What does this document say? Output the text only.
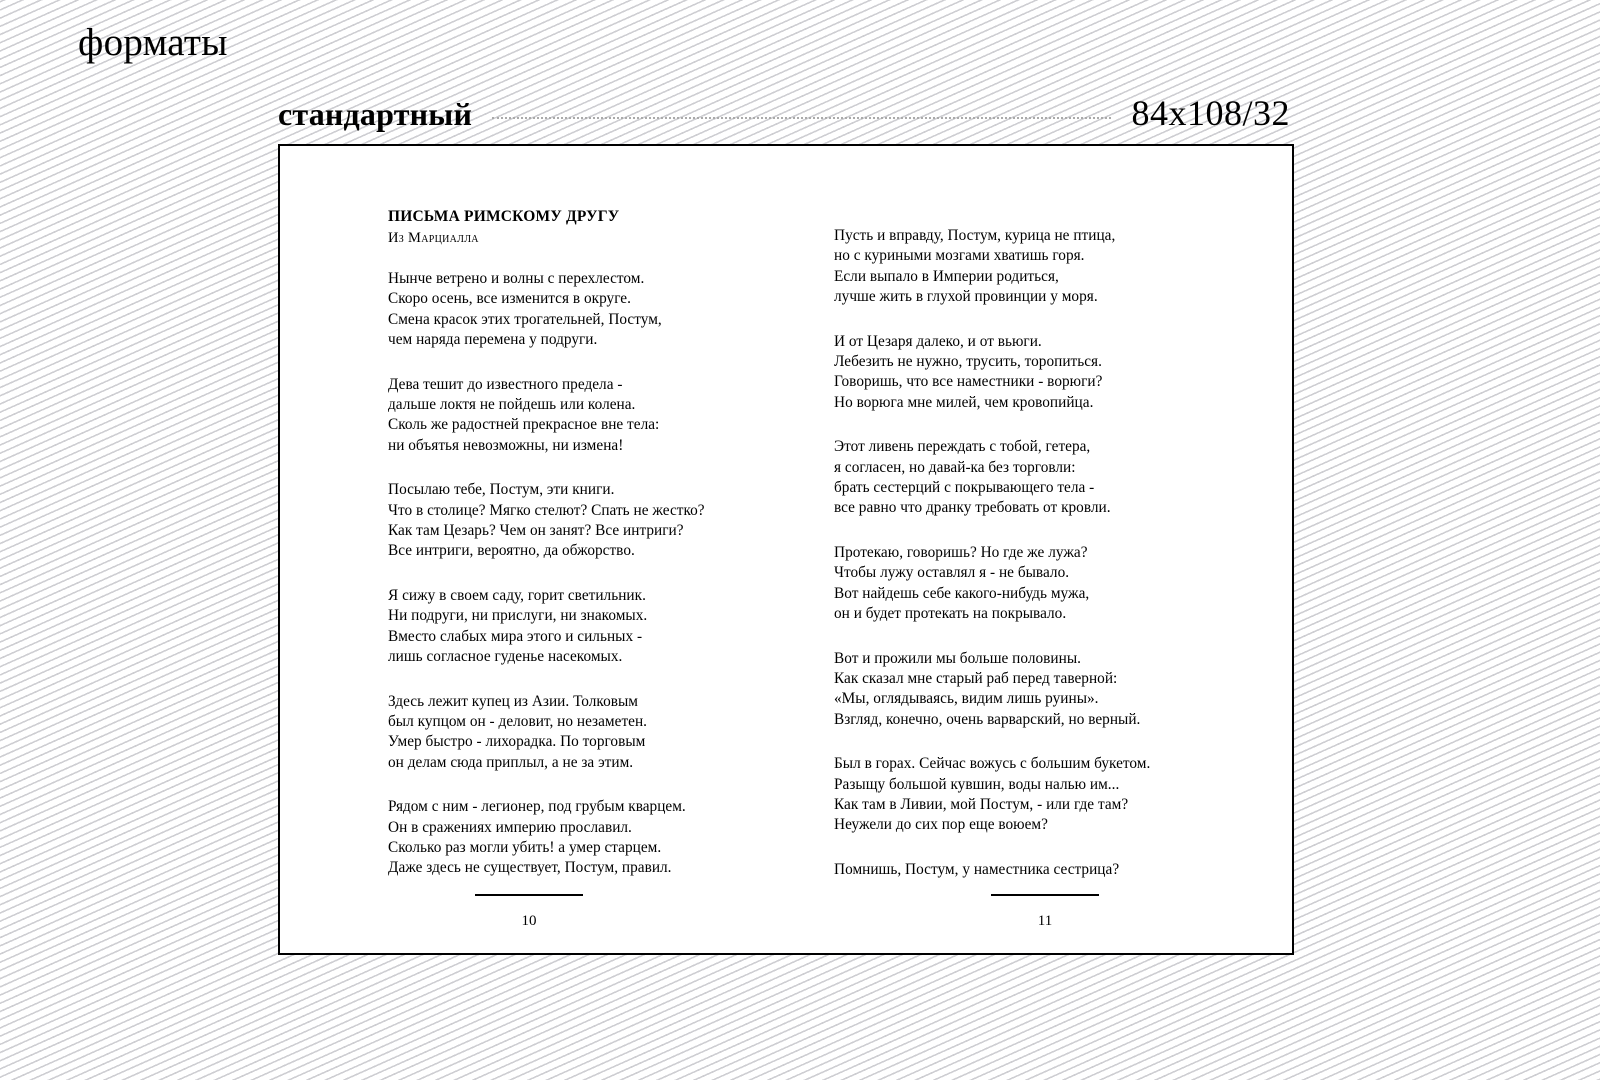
форматы
стандартный	84x108/32
ПИСЬМА РИМСКОМУ ДРУГУ
Из Марциалла
Нынче ветрено и волны с перехлестом.
Скоро осень, все изменится в округе.
Смена красок этих трогательней, Постум,
чем наряда перемена у подруги.
Дева тешит до известного предела -
дальше локтя не пойдешь или колена.
Сколь же радостней прекрасное вне тела:
ни объятья невозможны, ни измена!
Посылаю тебе, Постум, эти книги.
Что в столице? Мягко стелют? Спать не жестко?
Как там Цезарь? Чем он занят? Все интриги?
Все интриги, вероятно, да обжорство.
Я сижу в своем саду, горит светильник.
Ни подруги, ни прислуги, ни знакомых.
Вместо слабых мира этого и сильных -
лишь согласное гуденье насекомых.
Здесь лежит купец из Азии. Толковым
был купцом он - деловит, но незаметен.
Умер быстро - лихорадка. По торговым
он делам сюда приплыл, а не за этим.
Рядом с ним - легионер, под грубым кварцем.
Он в сражениях империю прославил.
Сколько раз могли убить! а умер старцем.
Даже здесь не существует, Постум, правил.
10
Пусть и вправду, Постум, курица не птица,
но с куриными мозгами хватишь горя.
Если выпало в Империи родиться,
лучше жить в глухой провинции у моря.
И от Цезаря далеко, и от вьюги.
Лебезить не нужно, трусить, торопиться.
Говоришь, что все наместники - ворюги?
Но ворюга мне милей, чем кровопийца.
Этот ливень переждать с тобой, гетера,
я согласен, но давай-ка без торговли:
брать сестерций с покрывающего тела -
все равно что дранку требовать от кровли.
Протекаю, говоришь? Но где же лужа?
Чтобы лужу оставлял я - не бывало.
Вот найдешь себе какого-нибудь мужа,
он и будет протекать на покрывало.
Вот и прожили мы больше половины.
Как сказал мне старый раб перед таверной:
«Мы, оглядываясь, видим лишь руины».
Взгляд, конечно, очень варварский, но верный.
Был в горах. Сейчас вожусь с большим букетом.
Разыщу большой кувшин, воды налью им...
Как там в Ливии, мой Постум, - или где там?
Неужели до сих пор еще воюем?
Помнишь, Постум, у наместника сестрица?
11
